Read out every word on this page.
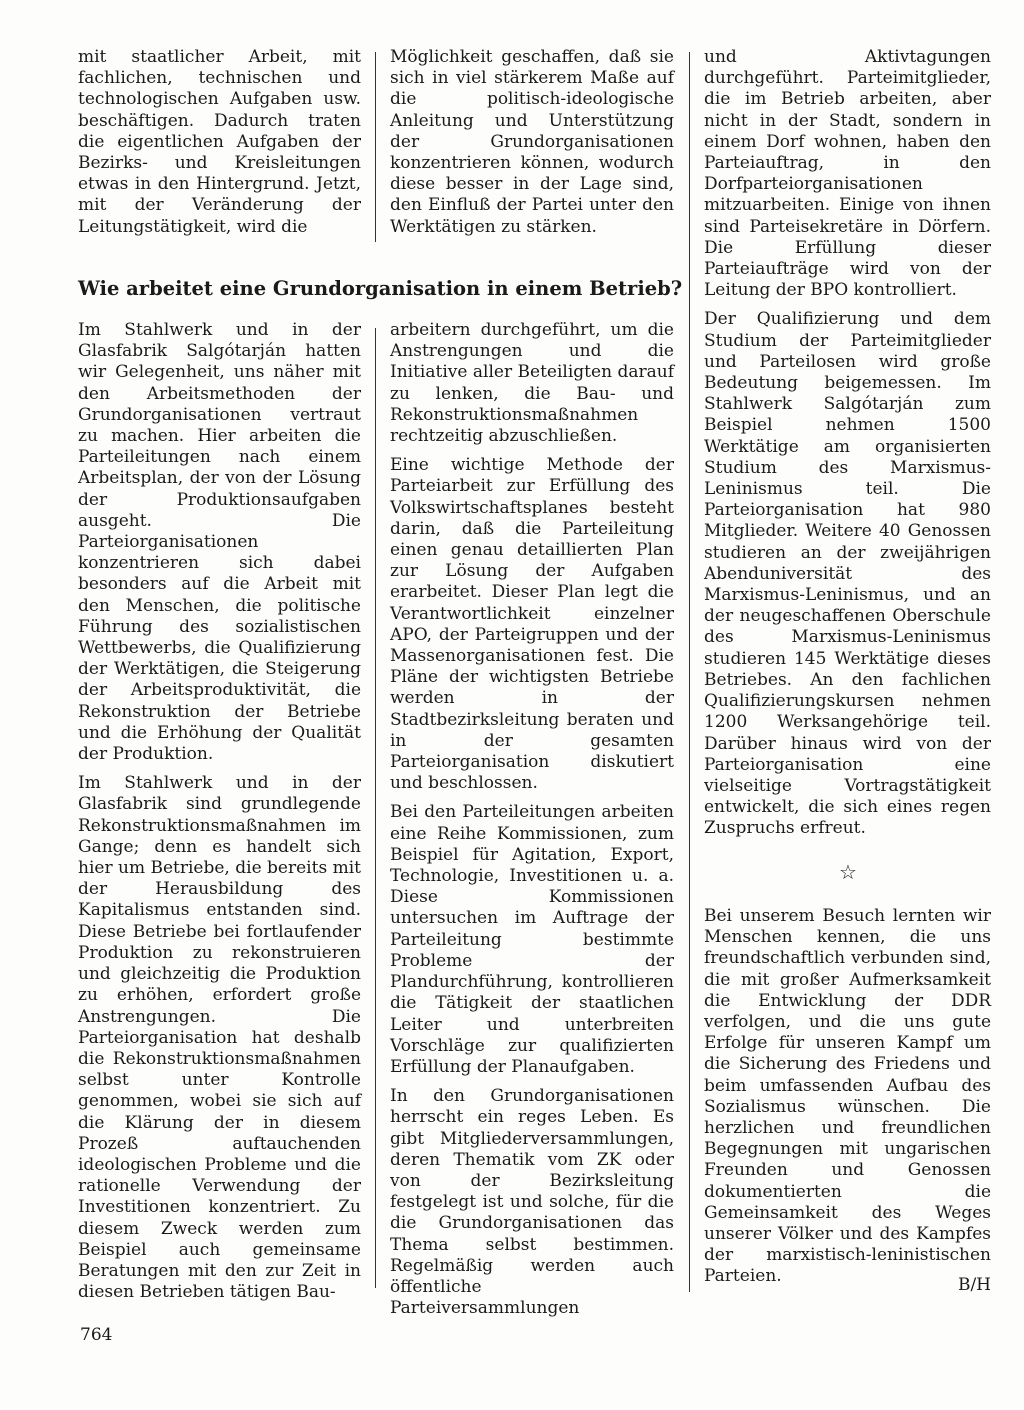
mit staatlicher Arbeit, mit fachlichen, technischen und technologischen Aufgaben usw. beschäftigen. Dadurch traten die eigentlichen Aufgaben der Bezirks- und Kreisleitungen etwas in den Hintergrund. Jetzt, mit der Veränderung der Leitungstätigkeit, wird die

Möglichkeit geschaffen, daß sie sich in viel stärkerem Maße auf die politisch-ideologische Anleitung und Unterstützung der Grundorganisationen konzentrieren können, wodurch diese besser in der Lage sind, den Einfluß der Partei unter den Werktätigen zu stärken.

Wie arbeitet eine Grundorganisation in einem Betrieb?

Im Stahlwerk und in der Glasfabrik Salgótarján hatten wir Gelegenheit, uns näher mit den Arbeitsmethoden der Grundorganisationen vertraut zu machen. Hier arbeiten die Parteileitungen nach einem Arbeitsplan, der von der Lösung der Produktionsaufgaben ausgeht. Die Parteiorganisationen konzentrieren sich dabei besonders auf die Arbeit mit den Menschen, die politische Führung des sozialistischen Wettbewerbs, die Qualifizierung der Werktätigen, die Steigerung der Arbeitsproduktivität, die Rekonstruktion der Betriebe und die Erhöhung der Qualität der Produktion.

Im Stahlwerk und in der Glasfabrik sind grundlegende Rekonstruktionsmaßnahmen im Gange; denn es handelt sich hier um Betriebe, die bereits mit der Herausbildung des Kapitalismus entstanden sind. Diese Betriebe bei fortlaufender Produktion zu rekonstruieren und gleichzeitig die Produktion zu erhöhen, erfordert große Anstrengungen. Die Parteiorganisation hat deshalb die Rekonstruktionsmaßnahmen selbst unter Kontrolle genommen, wobei sie sich auf die Klärung der in diesem Prozeß auftauchenden ideologischen Probleme und die rationelle Verwendung der Investitionen konzentriert. Zu diesem Zweck werden zum Beispiel auch gemeinsame Beratungen mit den zur Zeit in diesen Betrieben tätigen Bau-

arbeitern durchgeführt, um die Anstrengungen und die Initiative aller Beteiligten darauf zu lenken, die Bau- und Rekonstruktionsmaßnahmen rechtzeitig abzuschließen.

Eine wichtige Methode der Parteiarbeit zur Erfüllung des Volkswirtschaftsplanes besteht darin, daß die Parteileitung einen genau detaillierten Plan zur Lösung der Aufgaben erarbeitet. Dieser Plan legt die Verantwortlichkeit einzelner APO, der Parteigruppen und der Massenorganisationen fest. Die Pläne der wichtigsten Betriebe werden in der Stadtbezirksleitung beraten und in der gesamten Parteiorganisation diskutiert und beschlossen.

Bei den Parteileitungen arbeiten eine Reihe Kommissionen, zum Beispiel für Agitation, Export, Technologie, Investitionen u. a. Diese Kommissionen untersuchen im Auftrage der Parteileitung bestimmte Probleme der Plandurchführung, kontrollieren die Tätigkeit der staatlichen Leiter und unterbreiten Vorschläge zur qualifizierten Erfüllung der Planaufgaben.

In den Grundorganisationen herrscht ein reges Leben. Es gibt Mitgliederversammlungen, deren Thematik vom ZK oder von der Bezirksleitung festgelegt ist und solche, für die die Grundorganisationen das Thema selbst bestimmen. Regelmäßig werden auch öffentliche Parteiversammlungen

und Aktivtagungen durchgeführt. Parteimitglieder, die im Betrieb arbeiten, aber nicht in der Stadt, sondern in einem Dorf wohnen, haben den Parteiauftrag, in den Dorfparteiorganisationen mitzuarbeiten. Einige von ihnen sind Parteisekretäre in Dörfern. Die Erfüllung dieser Parteiaufträge wird von der Leitung der BPO kontrolliert.

Der Qualifizierung und dem Studium der Parteimitglieder und Parteilosen wird große Bedeutung beigemessen. Im Stahlwerk Salgótarján zum Beispiel nehmen 1500 Werktätige am organisierten Studium des Marxismus-Leninismus teil. Die Parteiorganisation hat 980 Mitglieder. Weitere 40 Genossen studieren an der zweijährigen Abenduniversität des Marxismus-Leninismus, und an der neugeschaffenen Oberschule des Marxismus-Leninismus studieren 145 Werktätige dieses Betriebes. An den fachlichen Qualifizierungskursen nehmen 1200 Werksangehörige teil. Darüber hinaus wird von der Parteiorganisation eine vielseitige Vortragstätigkeit entwickelt, die sich eines regen Zuspruchs erfreut.

☆

Bei unserem Besuch lernten wir Menschen kennen, die uns freundschaftlich verbunden sind, die mit großer Aufmerksamkeit die Entwicklung der DDR verfolgen, und die uns gute Erfolge für unseren Kampf um die Sicherung des Friedens und beim umfassenden Aufbau des Sozialismus wünschen. Die herzlichen und freundlichen Begegnungen mit ungarischen Freunden und Genossen dokumentierten die Gemeinsamkeit des Weges unserer Völker und des Kampfes der marxistisch-leninistischen Parteien.	B/H

764
